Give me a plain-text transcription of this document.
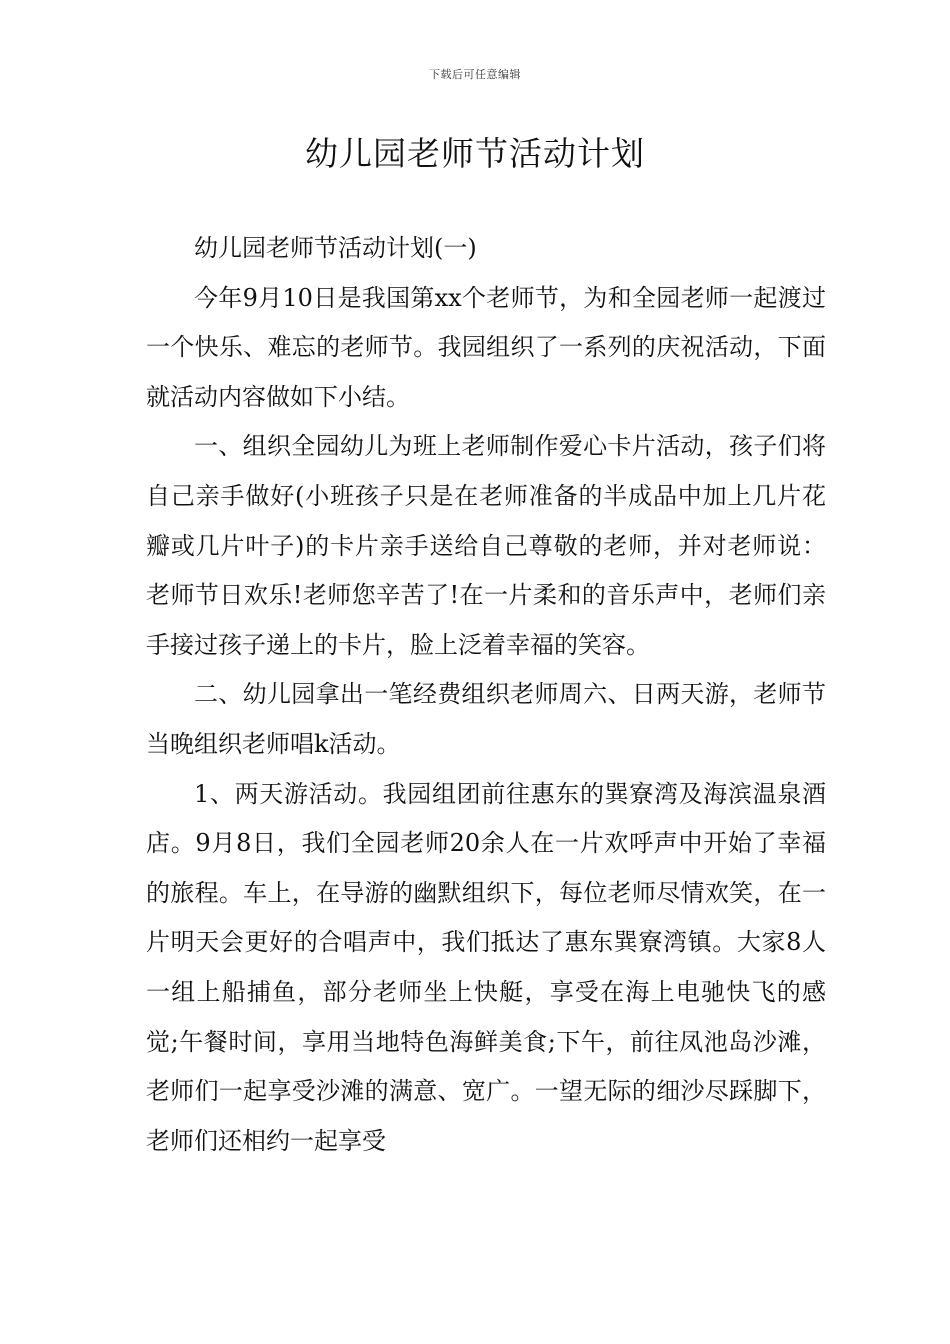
下载后可任意编辑
幼儿园老师节活动计划

幼儿园老师节活动计划(一)

今年9月10日是我国第xx个老师节，为和全园老师一起渡过一个快乐、难忘的老师节。我园组织了一系列的庆祝活动，下面就活动内容做如下小结。

一、组织全园幼儿为班上老师制作爱心卡片活动，孩子们将自己亲手做好(小班孩子只是在老师准备的半成品中加上几片花瓣或几片叶子)的卡片亲手送给自己尊敬的老师，并对老师说：老师节日欢乐!老师您辛苦了!在一片柔和的音乐声中，老师们亲手接过孩子递上的卡片，脸上泛着幸福的笑容。

二、幼儿园拿出一笔经费组织老师周六、日两天游，老师节当晚组织老师唱k活动。

1、两天游活动。我园组团前往惠东的巽寮湾及海滨温泉酒店。9月8日，我们全园老师20余人在一片欢呼声中开始了幸福的旅程。车上，在导游的幽默组织下，每位老师尽情欢笑，在一片明天会更好的合唱声中，我们抵达了惠东巽寮湾镇。大家8人一组上船捕鱼，部分老师坐上快艇，享受在海上电驰快飞的感觉;午餐时间，享用当地特色海鲜美食;下午，前往凤池岛沙滩，老师们一起享受沙滩的满意、宽广。一望无际的细沙尽踩脚下，老师们还相约一起享受
